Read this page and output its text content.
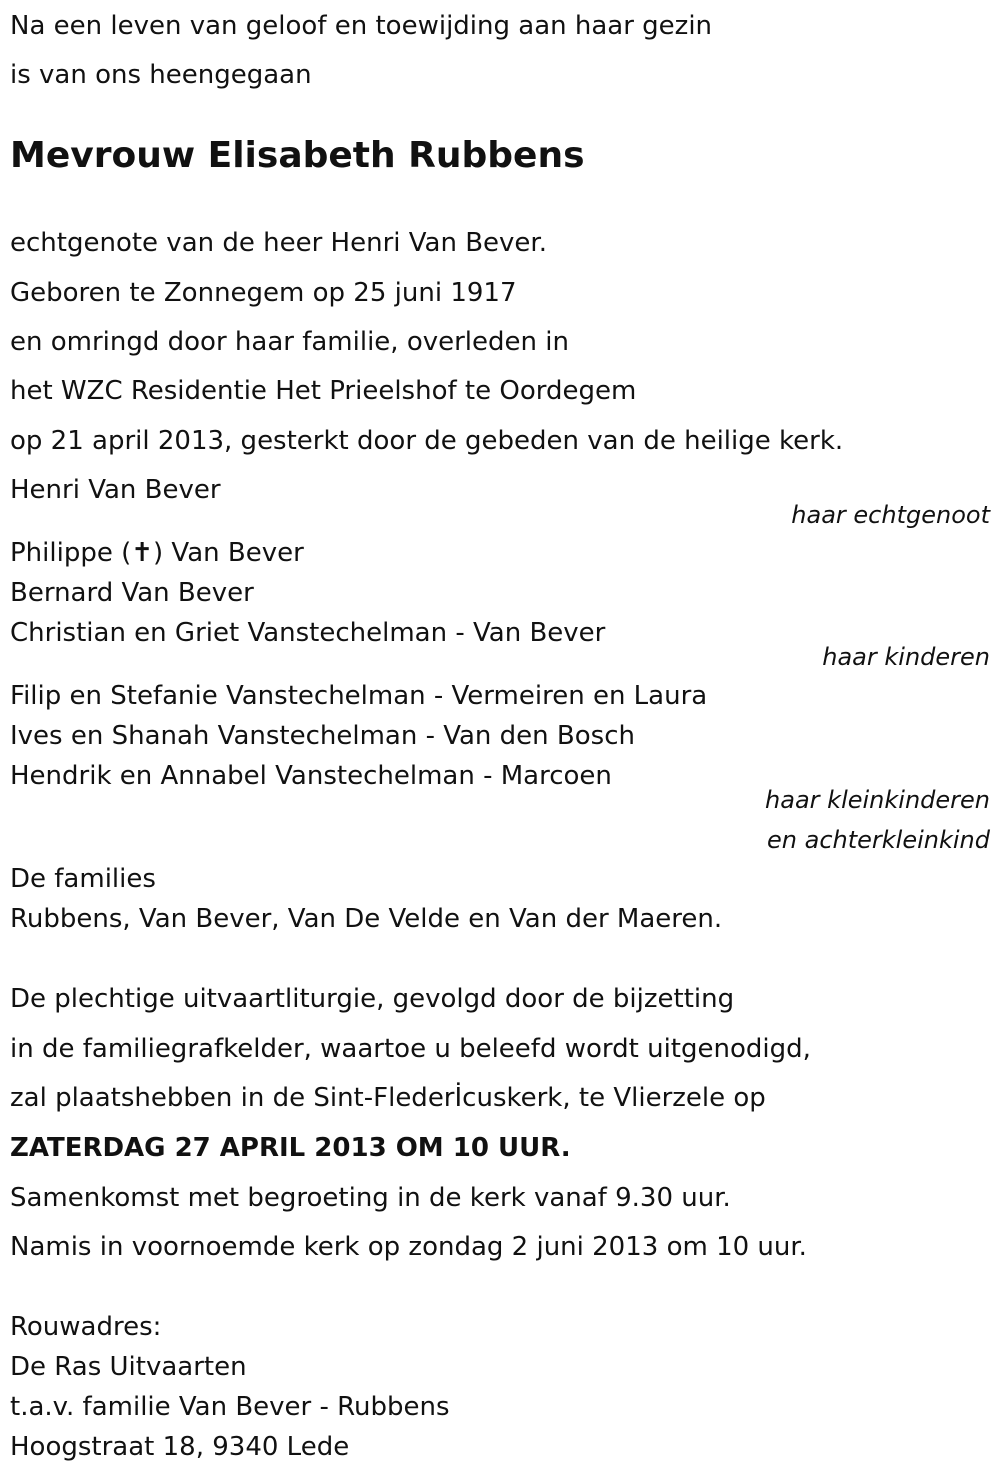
Na een leven van geloof en toewijding aan haar gezin
is van ons heengegaan
Mevrouw Elisabeth Rubbens
echtgenote van de heer Henri Van Bever.
Geboren te Zonnegem op 25 juni 1917
en omringd door haar familie, overleden in
het WZC Residentie Het Prieelshof te Oordegem
op 21 april 2013, gesterkt door de gebeden van de heilige kerk.
Henri Van Bever
haar echtgenoot
Philippe (✝) Van Bever
Bernard Van Bever
Christian en Griet Vanstechelman - Van Bever
haar kinderen
Filip en Stefanie Vanstechelman - Vermeiren en Laura
Ives en Shanah Vanstechelman - Van den Bosch
Hendrik en Annabel Vanstechelman - Marcoen
haar kleinkinderen
en achterkleinkind
De families
Rubbens, Van Bever, Van De Velde en Van der Maeren.
De plechtige uitvaartliturgie, gevolgd door de bijzetting
in de familiegrafkelder, waartoe u beleefd wordt uitgenodigd,
zal plaatshebben in de Sint-Flederİcuskerk, te Vlierzele op
ZATERDAG 27 APRIL 2013 OM 10 UUR.
Samenkomst met begroeting in de kerk vanaf 9.30 uur.
Namis in voornoemde kerk op zondag 2 juni 2013 om 10 uur.
Rouwadres:
De Ras Uitvaarten
t.a.v. familie Van Bever - Rubbens
Hoogstraat 18, 9340 Lede
